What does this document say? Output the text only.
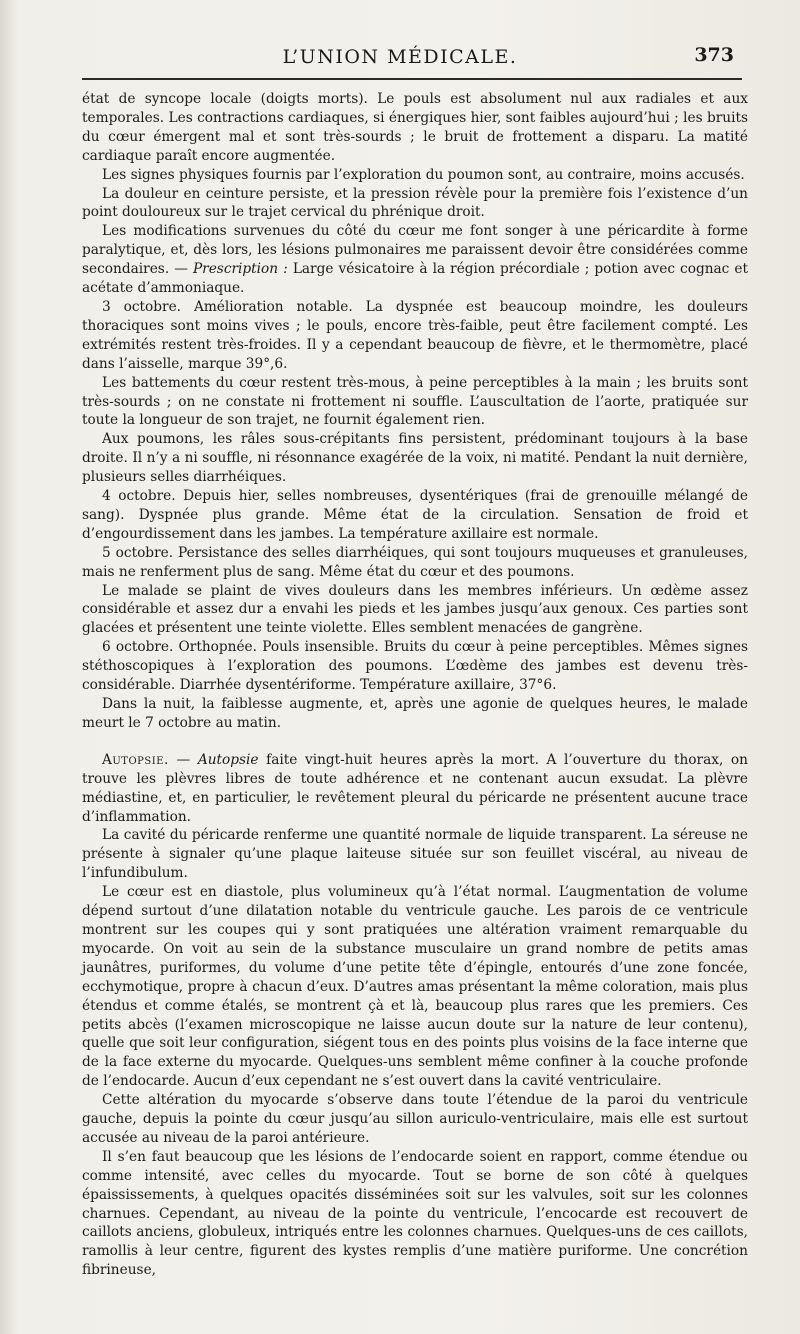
L’UNION MÉDICALE.	373

état de syncope locale (doigts morts). Le pouls est absolument nul aux radiales et aux temporales. Les contractions cardiaques, si énergiques hier, sont faibles aujourd’hui ; les bruits du cœur émergent mal et sont très-sourds ; le bruit de frottement a disparu. La matité cardiaque paraît encore augmentée.

Les signes physiques fournis par l’exploration du poumon sont, au contraire, moins accusés.

La douleur en ceinture persiste, et la pression révèle pour la première fois l’existence d’un point douloureux sur le trajet cervical du phrénique droit.

Les modifications survenues du côté du cœur me font songer à une péricardite à forme paralytique, et, dès lors, les lésions pulmonaires me paraissent devoir être considérées comme secondaires. — Prescription : Large vésicatoire à la région précordiale ; potion avec cognac et acétate d’ammoniaque.

3 octobre. Amélioration notable. La dyspnée est beaucoup moindre, les douleurs thoraciques sont moins vives ; le pouls, encore très-faible, peut être facilement compté. Les extrémités restent très-froides. Il y a cependant beaucoup de fièvre, et le thermomètre, placé dans l’aisselle, marque 39°,6.

Les battements du cœur restent très-mous, à peine perceptibles à la main ; les bruits sont très-sourds ; on ne constate ni frottement ni souffle. L’auscultation de l’aorte, pratiquée sur toute la longueur de son trajet, ne fournit également rien.

Aux poumons, les râles sous-crépitants fins persistent, prédominant toujours à la base droite. Il n’y a ni souffle, ni résonnance exagérée de la voix, ni matité. Pendant la nuit dernière, plusieurs selles diarrhéiques.

4 octobre. Depuis hier, selles nombreuses, dysentériques (frai de grenouille mélangé de sang). Dyspnée plus grande. Même état de la circulation. Sensation de froid et d’engourdissement dans les jambes. La température axillaire est normale.

5 octobre. Persistance des selles diarrhéiques, qui sont toujours muqueuses et granuleuses, mais ne renferment plus de sang. Même état du cœur et des poumons.

Le malade se plaint de vives douleurs dans les membres inférieurs. Un œdème assez considérable et assez dur a envahi les pieds et les jambes jusqu’aux genoux. Ces parties sont glacées et présentent une teinte violette. Elles semblent menacées de gangrène.

6 octobre. Orthopnée. Pouls insensible. Bruits du cœur à peine perceptibles. Mêmes signes stéthoscopiques à l’exploration des poumons. L’œdème des jambes est devenu très-considérable. Diarrhée dysentériforme. Température axillaire, 37°6.

Dans la nuit, la faiblesse augmente, et, après une agonie de quelques heures, le malade meurt le 7 octobre au matin.

Autopsie. — Autopsie faite vingt-huit heures après la mort. A l’ouverture du thorax, on trouve les plèvres libres de toute adhérence et ne contenant aucun exsudat. La plèvre médiastine, et, en particulier, le revêtement pleural du péricarde ne présentent aucune trace d’inflammation.

La cavité du péricarde renferme une quantité normale de liquide transparent. La séreuse ne présente à signaler qu’une plaque laiteuse située sur son feuillet viscéral, au niveau de l’infundibulum.

Le cœur est en diastole, plus volumineux qu’à l’état normal. L’augmentation de volume dépend surtout d’une dilatation notable du ventricule gauche. Les parois de ce ventricule montrent sur les coupes qui y sont pratiquées une altération vraiment remarquable du myocarde. On voit au sein de la substance musculaire un grand nombre de petits amas jaunâtres, puriformes, du volume d’une petite tête d’épingle, entourés d’une zone foncée, ecchymotique, propre à chacun d’eux. D’autres amas présentant la même coloration, mais plus étendus et comme étalés, se montrent çà et là, beaucoup plus rares que les premiers. Ces petits abcès (l’examen microscopique ne laisse aucun doute sur la nature de leur contenu), quelle que soit leur configuration, siégent tous en des points plus voisins de la face interne que de la face externe du myocarde. Quelques-uns semblent même confiner à la couche profonde de l’endocarde. Aucun d’eux cependant ne s’est ouvert dans la cavité ventriculaire.

Cette altération du myocarde s’observe dans toute l’étendue de la paroi du ventricule gauche, depuis la pointe du cœur jusqu’au sillon auriculo-ventriculaire, mais elle est surtout accusée au niveau de la paroi antérieure.

Il s’en faut beaucoup que les lésions de l’endocarde soient en rapport, comme étendue ou comme intensité, avec celles du myocarde. Tout se borne de son côté à quelques épaississements, à quelques opacités disséminées soit sur les valvules, soit sur les colonnes charnues. Cependant, au niveau de la pointe du ventricule, l’encocarde est recouvert de caillots anciens, globuleux, intriqués entre les colonnes charnues. Quelques-uns de ces caillots, ramollis à leur centre, figurent des kystes remplis d’une matière puriforme. Une concrétion fibrineuse,
